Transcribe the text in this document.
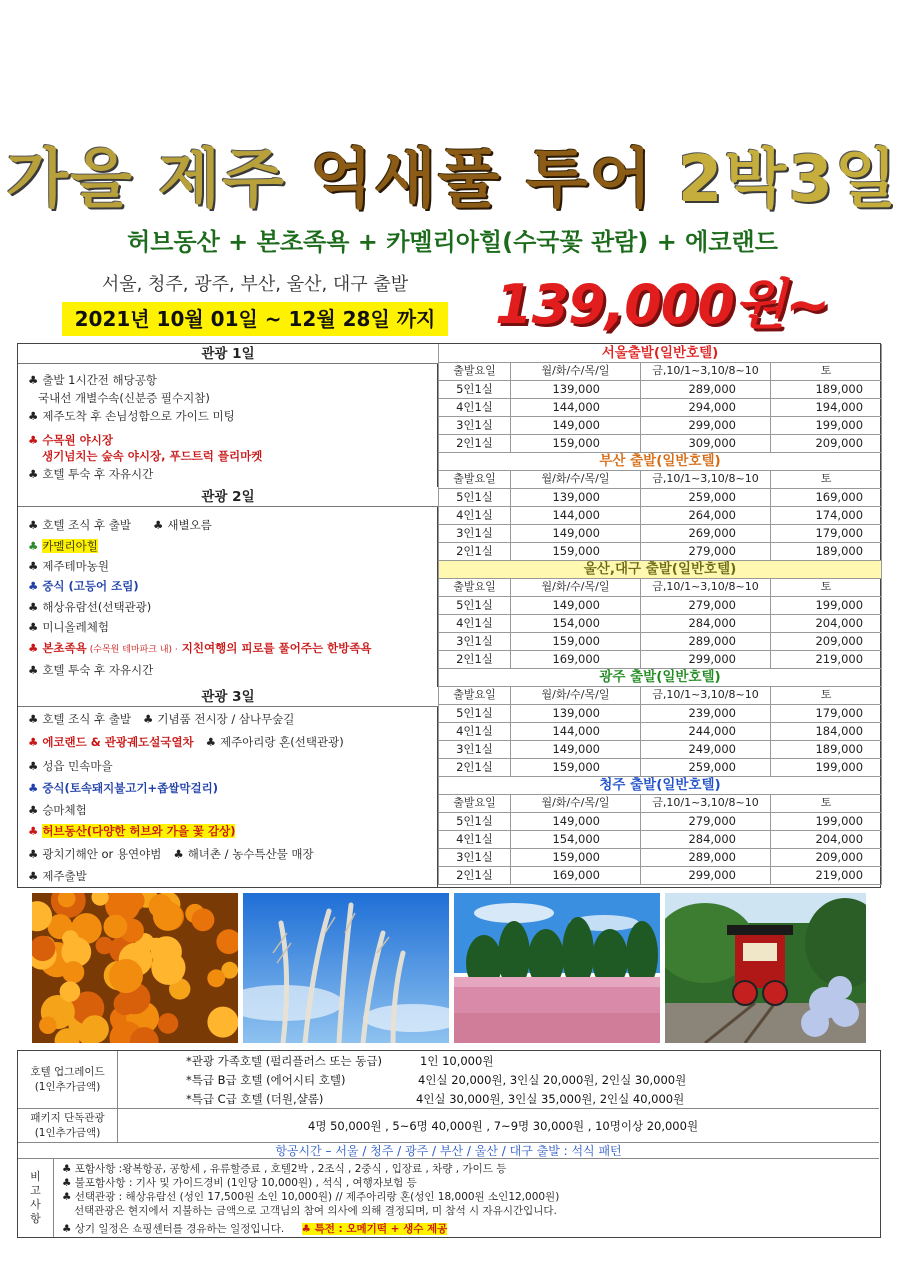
가을 제주 억새풀 투어 2박3일
허브동산 + 본초족욕 + 카멜리아힐(수국꽃 관람) + 에코랜드
서울, 청주, 광주, 부산, 울산, 대구 출발
2021년 10월 01일 ~ 12월 28일 까지 139,000원~
관광 1일
♣ 출발 1시간전 해당공항
국내선 개별수속(신분증 필수지참)
♣ 제주도착 후 손님성함으로 가이드 미팅
♣ 수목원 야시장
생기넘치는 숲속 야시장, 푸드트럭 플리마켓
♣ 호텔 투숙 후 자유시간
관광 2일
♣ 호텔 조식 후 출발 ♣ 새별오름
♣ 카멜리아힐
♣ 제주테마농원
♣ 중식 (고등어 조림)
♣ 해상유람선(선택관광)
♣ 미니올레체험
♣ 본초족욕 (수목원 테마파크 내) · 지친여행의 피로를 풀어주는 한방족욕
♣ 호텔 투숙 후 자유시간
관광 3일
♣ 호텔 조식 후 출발 ♣ 기념품 전시장 / 삼나무숲길
♣ 에코랜드 & 관광궤도설국열차 ♣ 제주아리랑 혼(선택관광)
♣ 성읍 민속마을
♣ 중식(토속돼지불고기+좁쌀막걸리)
♣ 승마체험
♣ 허브동산(다양한 허브와 가을 꽃 감상)
♣ 광치기해안 or 용연야범 ♣ 해녀촌 / 농수특산물 매장
♣ 제주출발
서울출발(일반호텔)			
출발요일	월/화/수/목/일	금,10/1~3,10/8~10	토
5인1실	139,000	289,000	189,000
4인1실	144,000	294,000	194,000
3인1실	149,000	299,000	199,000
2인1실	159,000	309,000	209,000
부산 출발(일반호텔)			
출발요일	월/화/수/목/일	금,10/1~3,10/8~10	토
5인1실	139,000	259,000	169,000
4인1실	144,000	264,000	174,000
3인1실	149,000	269,000	179,000
2인1실	159,000	279,000	189,000
울산,대구 출발(일반호텔)			
출발요일	월/화/수/목/일	금,10/1~3,10/8~10	토
5인1실	149,000	279,000	199,000
4인1실	154,000	284,000	204,000
3인1실	159,000	289,000	209,000
2인1실	169,000	299,000	219,000
광주 출발(일반호텔)			
출발요일	월/화/수/목/일	금,10/1~3,10/8~10	토
5인1실	139,000	239,000	179,000
4인1실	144,000	244,000	184,000
3인1실	149,000	249,000	189,000
2인1실	159,000	259,000	199,000
청주 출발(일반호텔)			
출발요일	월/화/수/목/일	금,10/1~3,10/8~10	토
5인1실	149,000	279,000	199,000
4인1실	154,000	284,000	204,000
3인1실	159,000	289,000	209,000
2인1실	169,000	299,000	219,000
호텔 업그레이드
(1인추가금액)
*관광 가족호텔 (펄리플러스 또는 동급)	1인 10,000원
*특급 B급 호텔 (에어시티 호텔)	4인실 20,000원, 3인실 20,000원, 2인실 30,000원
*특급 C급 호텔 (더원,샬롬)	4인실 30,000원, 3인실 35,000원, 2인실 40,000원
패키지 단독관광
(1인추가금액)	4명 50,000원 , 5~6명 40,000원 , 7~9명 30,000원 , 10명이상 20,000원
항공시간 – 서울 / 청주 / 광주 / 부산 / 울산 / 대구 출발 : 석식 패턴
비
고
사
항
♣ 포함사항 :왕복항공, 공항세 , 유류할증료 , 호텔2박 , 2조식 , 2중식 , 입장료 , 차량 , 가이드 등
♣ 불포함사항 : 기사 및 가이드경비 (1인당 10,000원) , 석식 , 여행자보험 등
♣ 선택관광 : 해상유람선 (성인 17,500원 소인 10,000원) // 제주아리랑 혼(성인 18,000원 소인12,000원)
선택관광은 현지에서 지불하는 금액으로 고객님의 참여 의사에 의해 결정되며, 미 참석 시 자유시간입니다.
♣ 상기 일정은 쇼핑센터를 경유하는 일정입니다. ♣ 특전 : 오메기떡 + 생수 제공
